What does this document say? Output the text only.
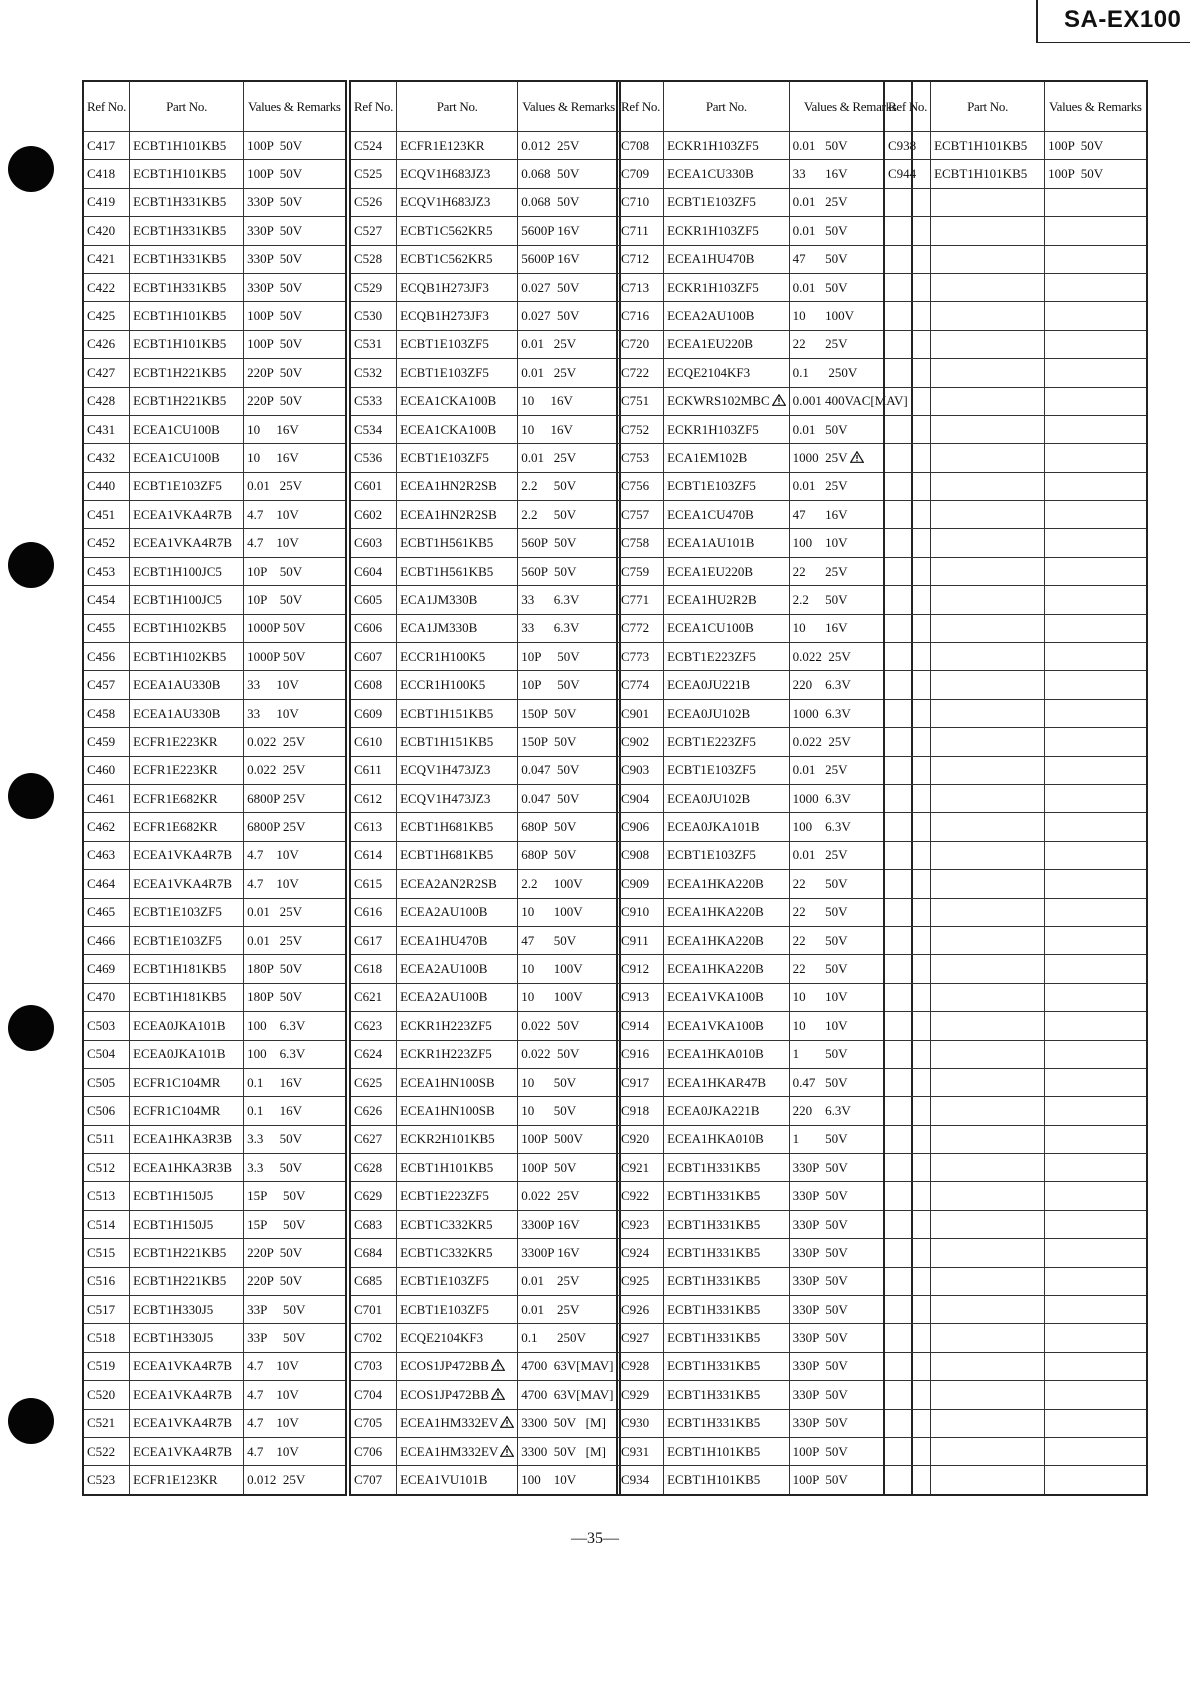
SA-EX100
Ref No.	Part No.	Values & Remarks
C417	ECBT1H101KB5	100P  50V
C418	ECBT1H101KB5	100P  50V
C419	ECBT1H331KB5	330P  50V
C420	ECBT1H331KB5	330P  50V
C421	ECBT1H331KB5	330P  50V
C422	ECBT1H331KB5	330P  50V
C425	ECBT1H101KB5	100P  50V
C426	ECBT1H101KB5	100P  50V
C427	ECBT1H221KB5	220P  50V
C428	ECBT1H221KB5	220P  50V
C431	ECEA1CU100B	10     16V
C432	ECEA1CU100B	10     16V
C440	ECBT1E103ZF5	0.01   25V
C451	ECEA1VKA4R7B	4.7    10V
C452	ECEA1VKA4R7B	4.7    10V
C453	ECBT1H100JC5	10P    50V
C454	ECBT1H100JC5	10P    50V
C455	ECBT1H102KB5	1000P 50V
C456	ECBT1H102KB5	1000P 50V
C457	ECEA1AU330B	33     10V
C458	ECEA1AU330B	33     10V
C459	ECFR1E223KR	0.022  25V
C460	ECFR1E223KR	0.022  25V
C461	ECFR1E682KR	6800P 25V
C462	ECFR1E682KR	6800P 25V
C463	ECEA1VKA4R7B	4.7    10V
C464	ECEA1VKA4R7B	4.7    10V
C465	ECBT1E103ZF5	0.01   25V
C466	ECBT1E103ZF5	0.01   25V
C469	ECBT1H181KB5	180P  50V
C470	ECBT1H181KB5	180P  50V
C503	ECEA0JKA101B	100    6.3V
C504	ECEA0JKA101B	100    6.3V
C505	ECFR1C104MR	0.1     16V
C506	ECFR1C104MR	0.1     16V
C511	ECEA1HKA3R3B	3.3     50V
C512	ECEA1HKA3R3B	3.3     50V
C513	ECBT1H150J5	15P     50V
C514	ECBT1H150J5	15P     50V
C515	ECBT1H221KB5	220P  50V
C516	ECBT1H221KB5	220P  50V
C517	ECBT1H330J5	33P     50V
C518	ECBT1H330J5	33P     50V
C519	ECEA1VKA4R7B	4.7    10V
C520	ECEA1VKA4R7B	4.7    10V
C521	ECEA1VKA4R7B	4.7    10V
C522	ECEA1VKA4R7B	4.7    10V
C523	ECFR1E123KR	0.012  25V
Ref No.	Part No.	Values & Remarks
C524	ECFR1E123KR	0.012  25V
C525	ECQV1H683JZ3	0.068  50V
C526	ECQV1H683JZ3	0.068  50V
C527	ECBT1C562KR5	5600P 16V
C528	ECBT1C562KR5	5600P 16V
C529	ECQB1H273JF3	0.027  50V
C530	ECQB1H273JF3	0.027  50V
C531	ECBT1E103ZF5	0.01   25V
C532	ECBT1E103ZF5	0.01   25V
C533	ECEA1CKA100B	10     16V
C534	ECEA1CKA100B	10     16V
C536	ECBT1E103ZF5	0.01   25V
C601	ECEA1HN2R2SB	2.2     50V
C602	ECEA1HN2R2SB	2.2     50V
C603	ECBT1H561KB5	560P  50V
C604	ECBT1H561KB5	560P  50V
C605	ECA1JM330B	33      6.3V
C606	ECA1JM330B	33      6.3V
C607	ECCR1H100K5	10P     50V
C608	ECCR1H100K5	10P     50V
C609	ECBT1H151KB5	150P  50V
C610	ECBT1H151KB5	150P  50V
C611	ECQV1H473JZ3	0.047  50V
C612	ECQV1H473JZ3	0.047  50V
C613	ECBT1H681KB5	680P  50V
C614	ECBT1H681KB5	680P  50V
C615	ECEA2AN2R2SB	2.2     100V
C616	ECEA2AU100B	10      100V
C617	ECEA1HU470B	47      50V
C618	ECEA2AU100B	10      100V
C621	ECEA2AU100B	10      100V
C623	ECKR1H223ZF5	0.022  50V
C624	ECKR1H223ZF5	0.022  50V
C625	ECEA1HN100SB	10      50V
C626	ECEA1HN100SB	10      50V
C627	ECKR2H101KB5	100P  500V
C628	ECBT1H101KB5	100P  50V
C629	ECBT1E223ZF5	0.022  25V
C683	ECBT1C332KR5	3300P 16V
C684	ECBT1C332KR5	3300P 16V
C685	ECBT1E103ZF5	0.01    25V
C701	ECBT1E103ZF5	0.01    25V
C702	ECQE2104KF3	0.1      250V
C703	ECOS1JP472BB	4700  63V[MAV]
C704	ECOS1JP472BB	4700  63V[MAV]
C705	ECEA1HM332EV	3300  50V   [M]
C706	ECEA1HM332EV	3300  50V   [M]
C707	ECEA1VU101B	100    10V
Ref No.	Part No.	Values & Remarks
C708	ECKR1H103ZF5	0.01   50V
C709	ECEA1CU330B	33      16V
C710	ECBT1E103ZF5	0.01   25V
C711	ECKR1H103ZF5	0.01   50V
C712	ECEA1HU470B	47      50V
C713	ECKR1H103ZF5	0.01   50V
C716	ECEA2AU100B	10      100V
C720	ECEA1EU220B	22      25V
C722	ECQE2104KF3	0.1      250V
C751	ECKWRS102MBC	0.001 400VAC[MAV]
C752	ECKR1H103ZF5	0.01   50V
C753	ECA1EM102B	1000  25V
C756	ECBT1E103ZF5	0.01   25V
C757	ECEA1CU470B	47      16V
C758	ECEA1AU101B	100    10V
C759	ECEA1EU220B	22      25V
C771	ECEA1HU2R2B	2.2     50V
C772	ECEA1CU100B	10      16V
C773	ECBT1E223ZF5	0.022  25V
C774	ECEA0JU221B	220    6.3V
C901	ECEA0JU102B	1000  6.3V
C902	ECBT1E223ZF5	0.022  25V
C903	ECBT1E103ZF5	0.01   25V
C904	ECEA0JU102B	1000  6.3V
C906	ECEA0JKA101B	100    6.3V
C908	ECBT1E103ZF5	0.01   25V
C909	ECEA1HKA220B	22      50V
C910	ECEA1HKA220B	22      50V
C911	ECEA1HKA220B	22      50V
C912	ECEA1HKA220B	22      50V
C913	ECEA1VKA100B	10      10V
C914	ECEA1VKA100B	10      10V
C916	ECEA1HKA010B	1        50V
C917	ECEA1HKAR47B	0.47   50V
C918	ECEA0JKA221B	220    6.3V
C920	ECEA1HKA010B	1        50V
C921	ECBT1H331KB5	330P  50V
C922	ECBT1H331KB5	330P  50V
C923	ECBT1H331KB5	330P  50V
C924	ECBT1H331KB5	330P  50V
C925	ECBT1H331KB5	330P  50V
C926	ECBT1H331KB5	330P  50V
C927	ECBT1H331KB5	330P  50V
C928	ECBT1H331KB5	330P  50V
C929	ECBT1H331KB5	330P  50V
C930	ECBT1H331KB5	330P  50V
C931	ECBT1H101KB5	100P  50V
C934	ECBT1H101KB5	100P  50V
Ref No.	Part No.	Values & Remarks
C938	ECBT1H101KB5	100P  50V
C944	ECBT1H101KB5	100P  50V

—35—
